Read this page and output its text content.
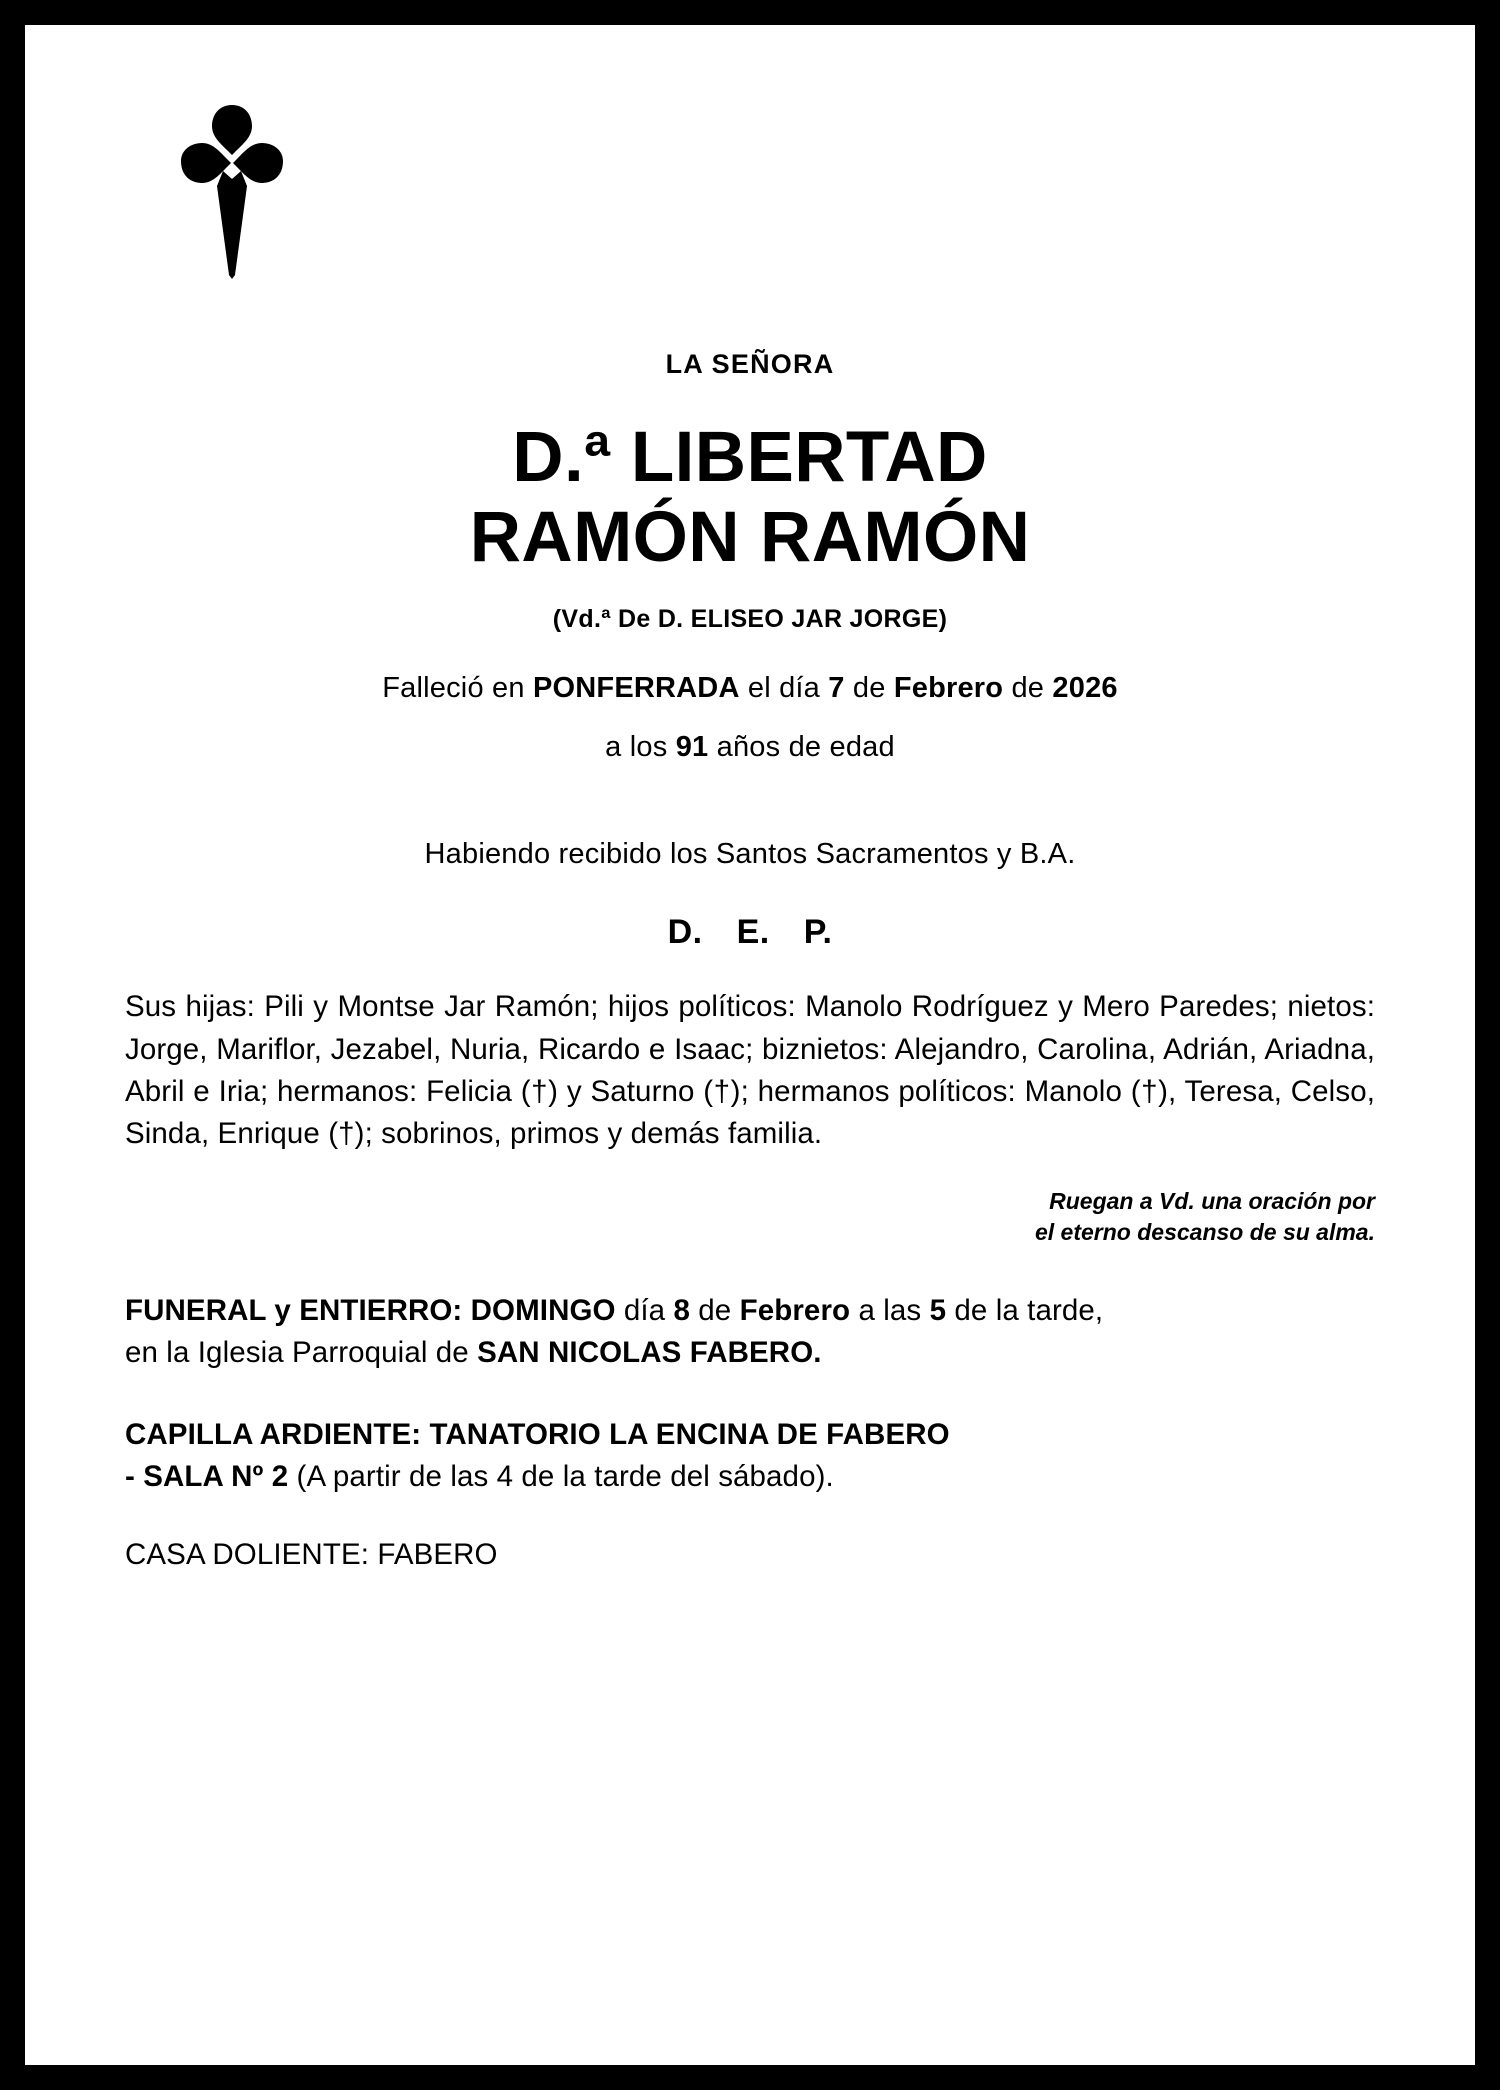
LA SEÑORA
D.ª LIBERTAD
RAMÓN RAMÓN
(Vd.ª De D. ELISEO JAR JORGE)
Falleció en PONFERRADA el día 7 de Febrero de 2026
a los 91 años de edad
Habiendo recibido los Santos Sacramentos y B.A.
D. E. P.
Sus hijas: Pili y Montse Jar Ramón; hijos políticos: Manolo Rodríguez y Mero Paredes; nietos: Jorge, Mariflor, Jezabel, Nuria, Ricardo e Isaac; biznietos: Alejandro, Carolina, Adrián, Ariadna, Abril e Iria; hermanos: Felicia (†) y Saturno (†); hermanos políticos: Manolo (†), Teresa, Celso, Sinda, Enrique (†); sobrinos, primos y demás familia.
Ruegan a Vd. una oración por
el eterno descanso de su alma.
FUNERAL y ENTIERRO: DOMINGO día 8 de Febrero a las 5 de la tarde,
en la Iglesia Parroquial de SAN NICOLAS FABERO.
CAPILLA ARDIENTE: TANATORIO LA ENCINA DE FABERO
- SALA Nº 2 (A partir de las 4 de la tarde del sábado).
CASA DOLIENTE: FABERO
